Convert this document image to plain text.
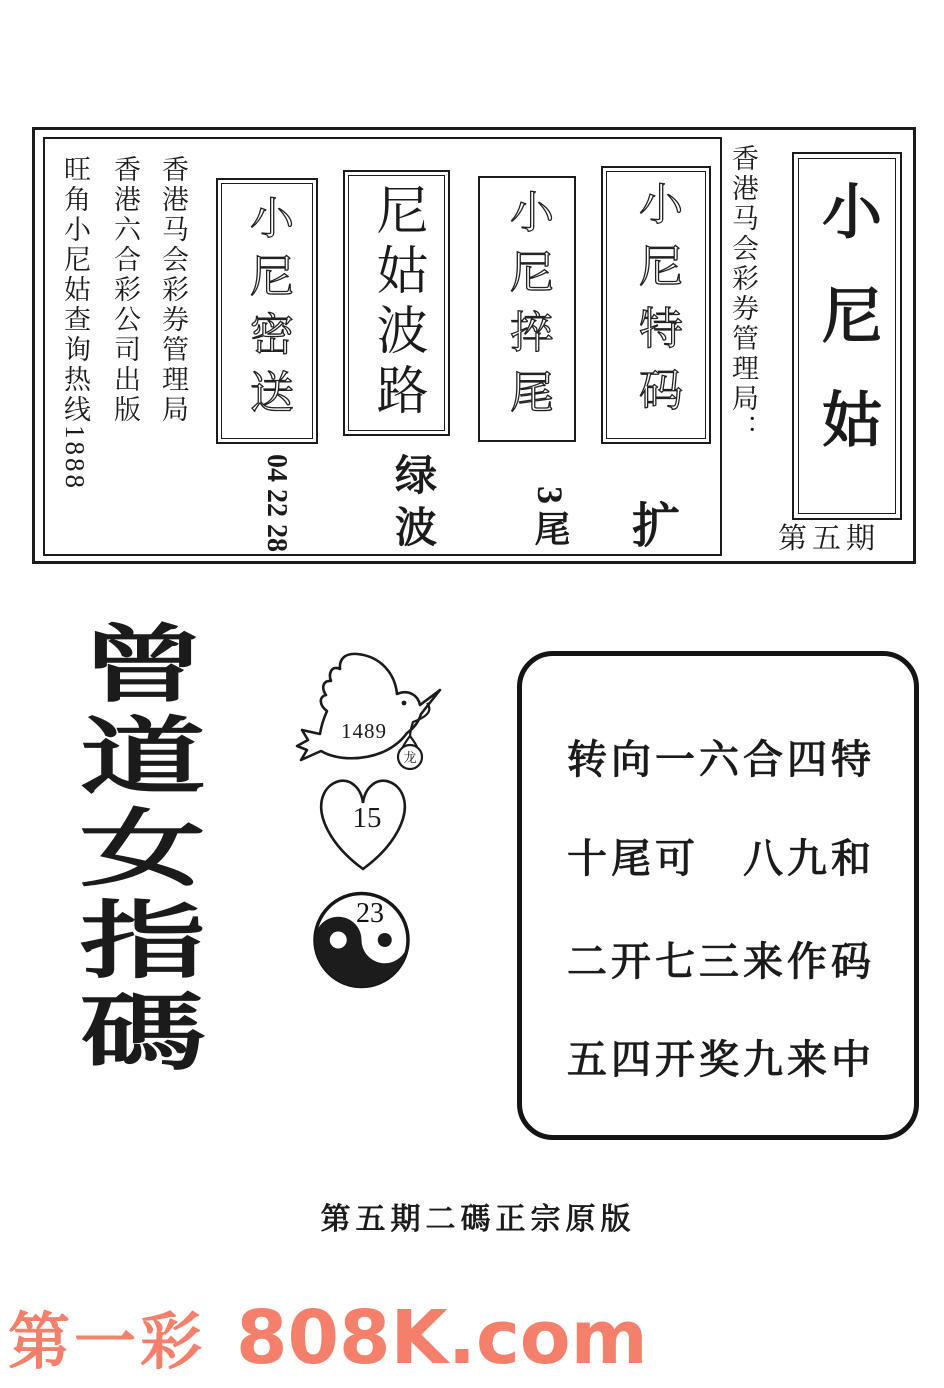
旺角小尼姑查询热线1888 香港六合彩公司出版 香港马会彩券管理局 小尼密送
04 22 28
尼姑波路
绿波
小尼捽尾
3尾
小尼特码
扩
香港马会彩券管理局： 小尼姑
第五期
曾道女指碼	龙
1489
15
23
转向一六合四特
十尾可　八九和
二开七三来作码
五四开奖九来中
第五期二碼正宗原版
第一彩 808K.com
